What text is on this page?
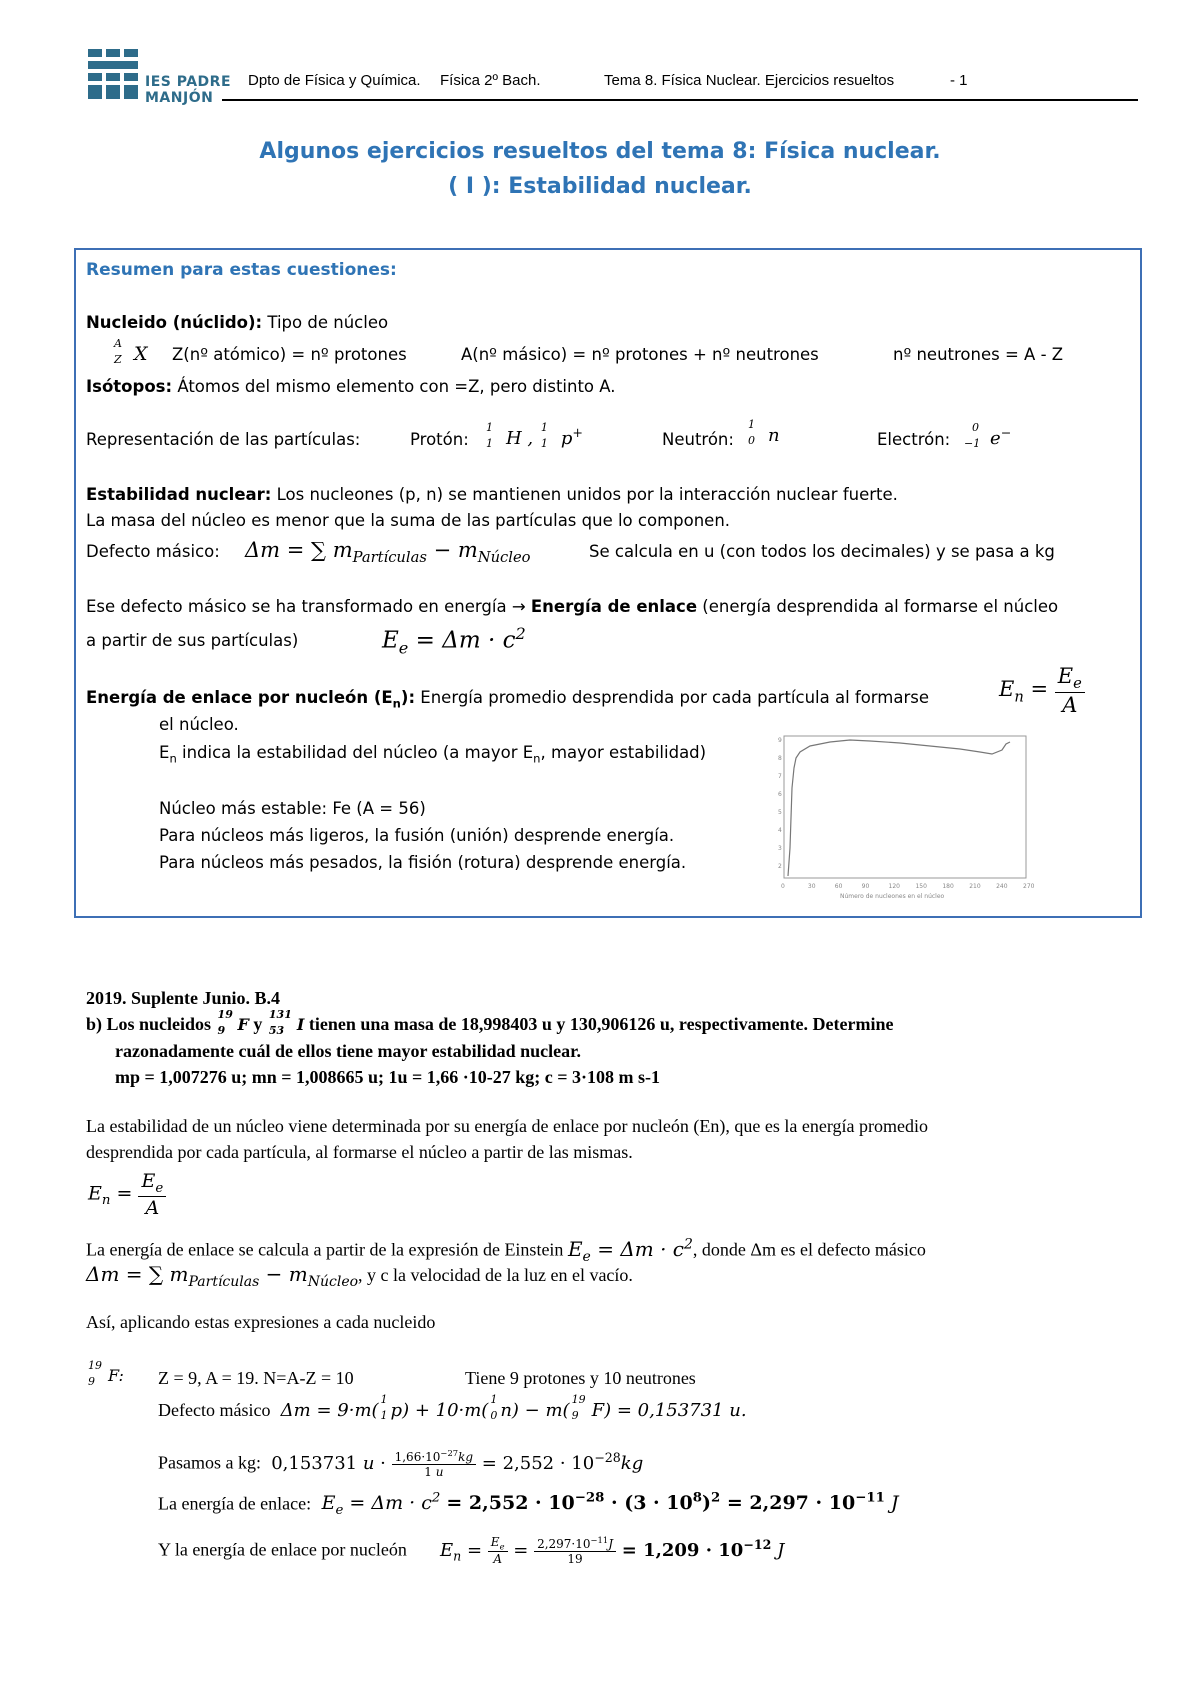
IES PADRE
MANJÓN
Dpto de Física y Química. Física 2º Bach.	Tema 8. Física Nuclear. Ejercicios resueltos	- 1
Algunos ejercicios resueltos del tema 8: Física nuclear.
( I ): Estabilidad nuclear.
Resumen para estas cuestiones:
Nucleido (núclido): Tipo de núcleo
A
Z X Z(nº atómico) = nº protones	A(nº másico) = nº protones + nº neutrones	nº neutrones = A - Z
Isótopos: Átomos del mismo elemento con =Z, pero distinto A.
Representación de las partículas:	Protón:
1
1 H ,
1
1 p+	Neutrón:
1
0 n	Electrón:
0
−1 e−
Estabilidad nuclear: Los nucleones (p, n) se mantienen unidos por la interacción nuclear fuerte.
La masa del núcleo es menor que la suma de las partículas que lo componen.
Defecto másico: Δm = ∑ $m_{Partículas} - m_{Núcleo}$	Se calcula en u (con todos los decimales) y se pasa a kg
Ese defecto másico se ha transformado en energía → Energía de enlace (energía desprendida al formarse el núcleo
a partir de sus partículas)	$E_e = \Delta m \cdot c^2$
Energía de enlace por nucleón $(E_n)$: Energía promedio desprendida por cada partícula al formarse	$E_n = \frac{E_e}{A}$
el núcleo.
$E_n$ indica la estabilidad del núcleo (a mayor $E_n$, mayor estabilidad)
Núcleo más estable: Fe (A = 56)
Para núcleos más ligeros, la fusión (unión) desprende energía.
Para núcleos más pesados, la fisión (rotura) desprende energía.
9
8
7
6
5
4
3
2
0	30	60	90	120	150	180	210	240	270
Número de nucleones en el núcleo
2019. Suplente Junio. B.4
b) Los nucleidos 19
9 F y 131
53 I tienen una masa de 18,998403 u y 130,906126 u, respectivamente. Determine
razonadamente cuál de ellos tiene mayor estabilidad nuclear.
mp = 1,007276 u; mn = 1,008665 u; 1u = 1,66 ·10-27 kg; c = 3·108 m s-1
La estabilidad de un núcleo viene determinada por su energía de enlace por nucleón (En), que es la energía promedio
desprendida por cada partícula, al formarse el núcleo a partir de las mismas.
$E_n = \frac{E_e}{A}$
La energía de enlace se calcula a partir de la expresión de Einstein $E_e = \Delta m \cdot c^2$, donde Δm es el defecto másico
Δm = ∑ $m_{Partículas} - m_{Núcleo}$, y c la velocidad de la luz en el vacío.
Así, aplicando estas expresiones a cada nucleido
19
9 F: Z = 9, A = 19. N=A-Z = 10	Tiene 9 protones y 10 neutrones
Defecto másico  Δm = 9·m(
1
1 p) + 10·m(
1
0 n) − m(
19
9 F) = 0,153731 u.
Pasamos a kg:  0,153731 $u \cdot \frac{1,66\cdot 10^{-27}kg}{1 u} = 2,552 \cdot 10^{-28}kg$
La energía de enlace:  $E_e = \Delta m \cdot c^2 = 2,552 \cdot 10^{-28} \cdot (3 \cdot 10^8)^2 = 2,297 \cdot 10^{-11}$ J
Y la energía de enlace por nucleón      $E_n = \frac{E_e}{A} = \frac{2,297\cdot 10^{-11}J}{19} = 1,209 \cdot 10^{-12}$ J
